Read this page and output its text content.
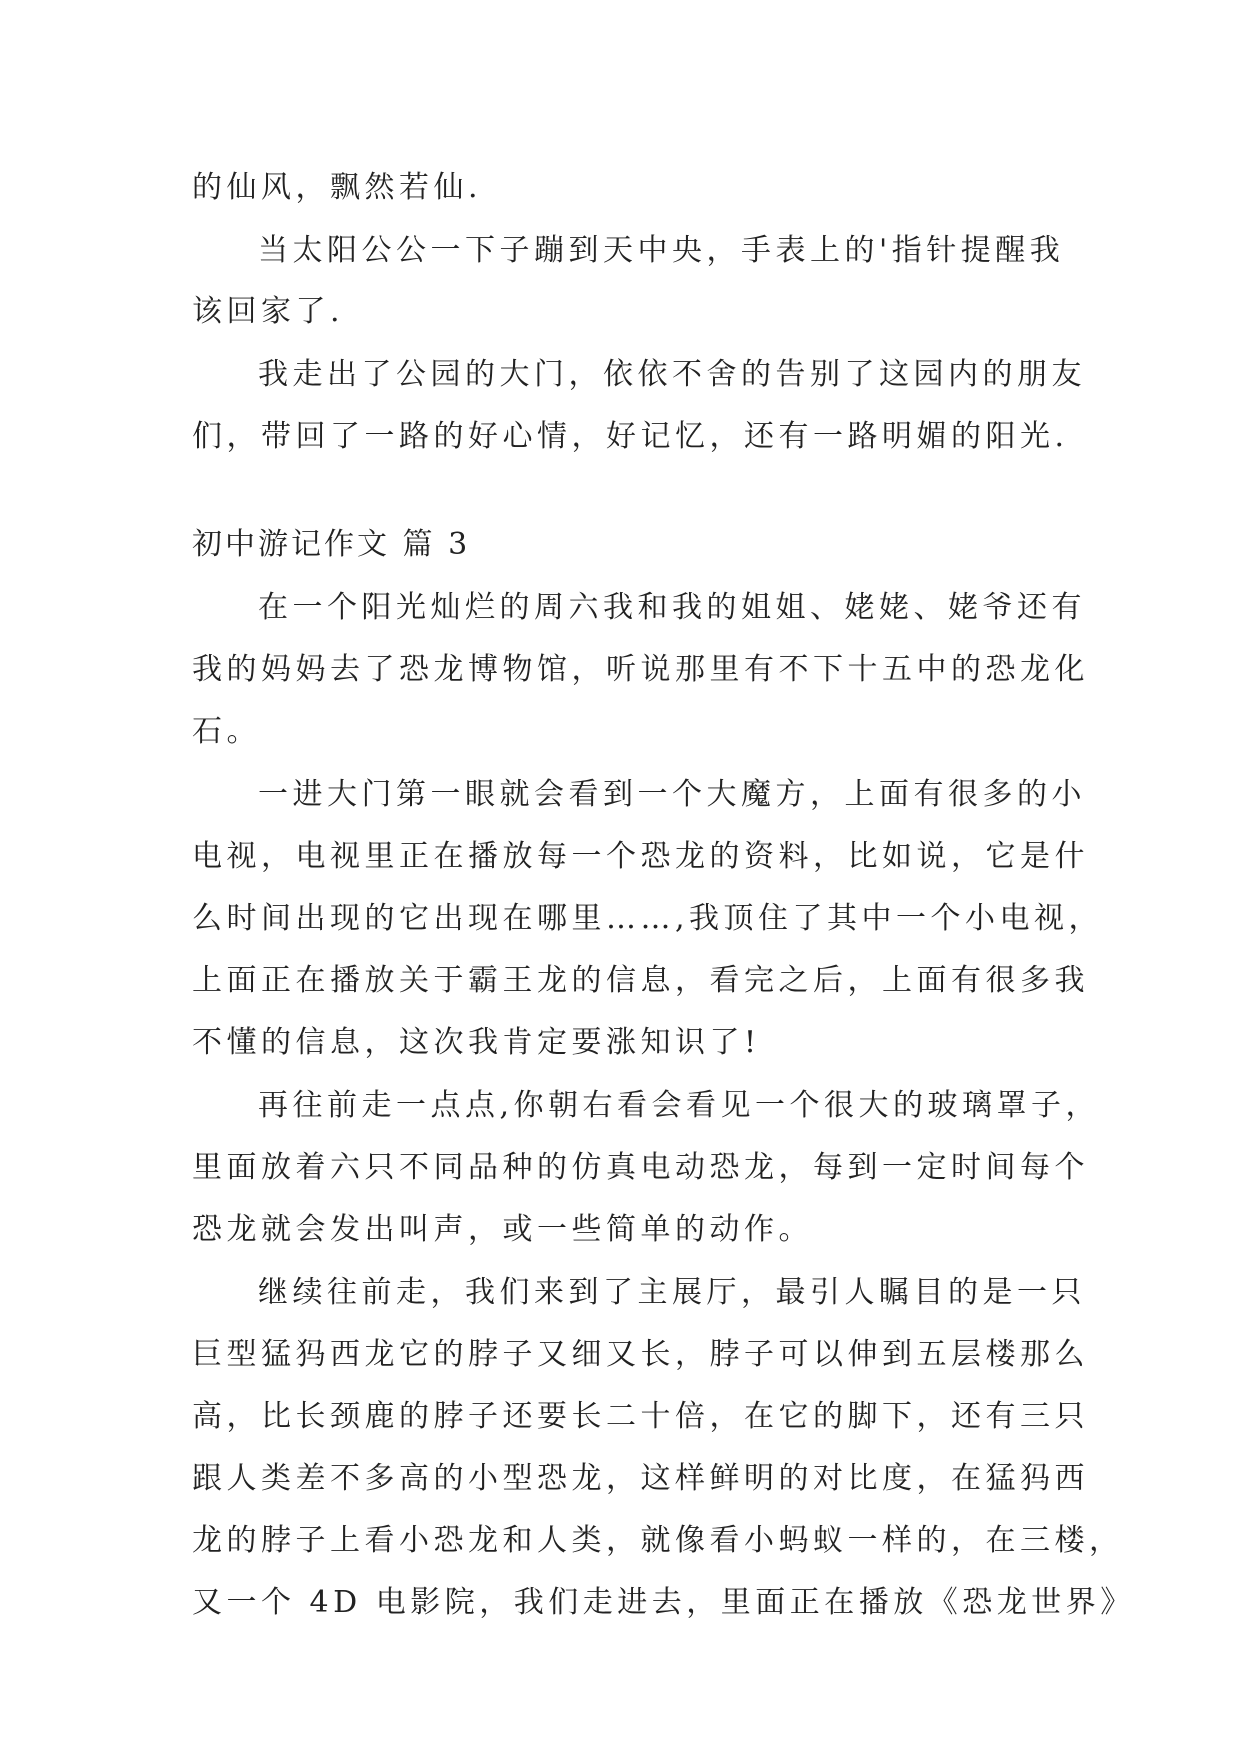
的仙风，飘然若仙.
当太阳公公一下子蹦到天中央，手表上的'指针提醒我
该回家了.
我走出了公园的大门，依依不舍的告别了这园内的朋友
们，带回了一路的好心情，好记忆，还有一路明媚的阳光.
初中游记作文 篇 3
在一个阳光灿烂的周六我和我的姐姐、姥姥、姥爷还有
我的妈妈去了恐龙博物馆，听说那里有不下十五中的恐龙化
石。
一进大门第一眼就会看到一个大魔方，上面有很多的小
电视，电视里正在播放每一个恐龙的资料，比如说，它是什
么时间出现的它出现在哪里……,我顶住了其中一个小电视，
上面正在播放关于霸王龙的信息，看完之后，上面有很多我
不懂的信息，这次我肯定要涨知识了!
再往前走一点点,你朝右看会看见一个很大的玻璃罩子，
里面放着六只不同品种的仿真电动恐龙，每到一定时间每个
恐龙就会发出叫声，或一些简单的动作。
继续往前走，我们来到了主展厅，最引人瞩目的是一只
巨型猛犸西龙它的脖子又细又长，脖子可以伸到五层楼那么
高，比长颈鹿的脖子还要长二十倍，在它的脚下，还有三只
跟人类差不多高的小型恐龙，这样鲜明的对比度，在猛犸西
龙的脖子上看小恐龙和人类，就像看小蚂蚁一样的，在三楼，
又一个 4D 电影院，我们走进去，里面正在播放《恐龙世界》
